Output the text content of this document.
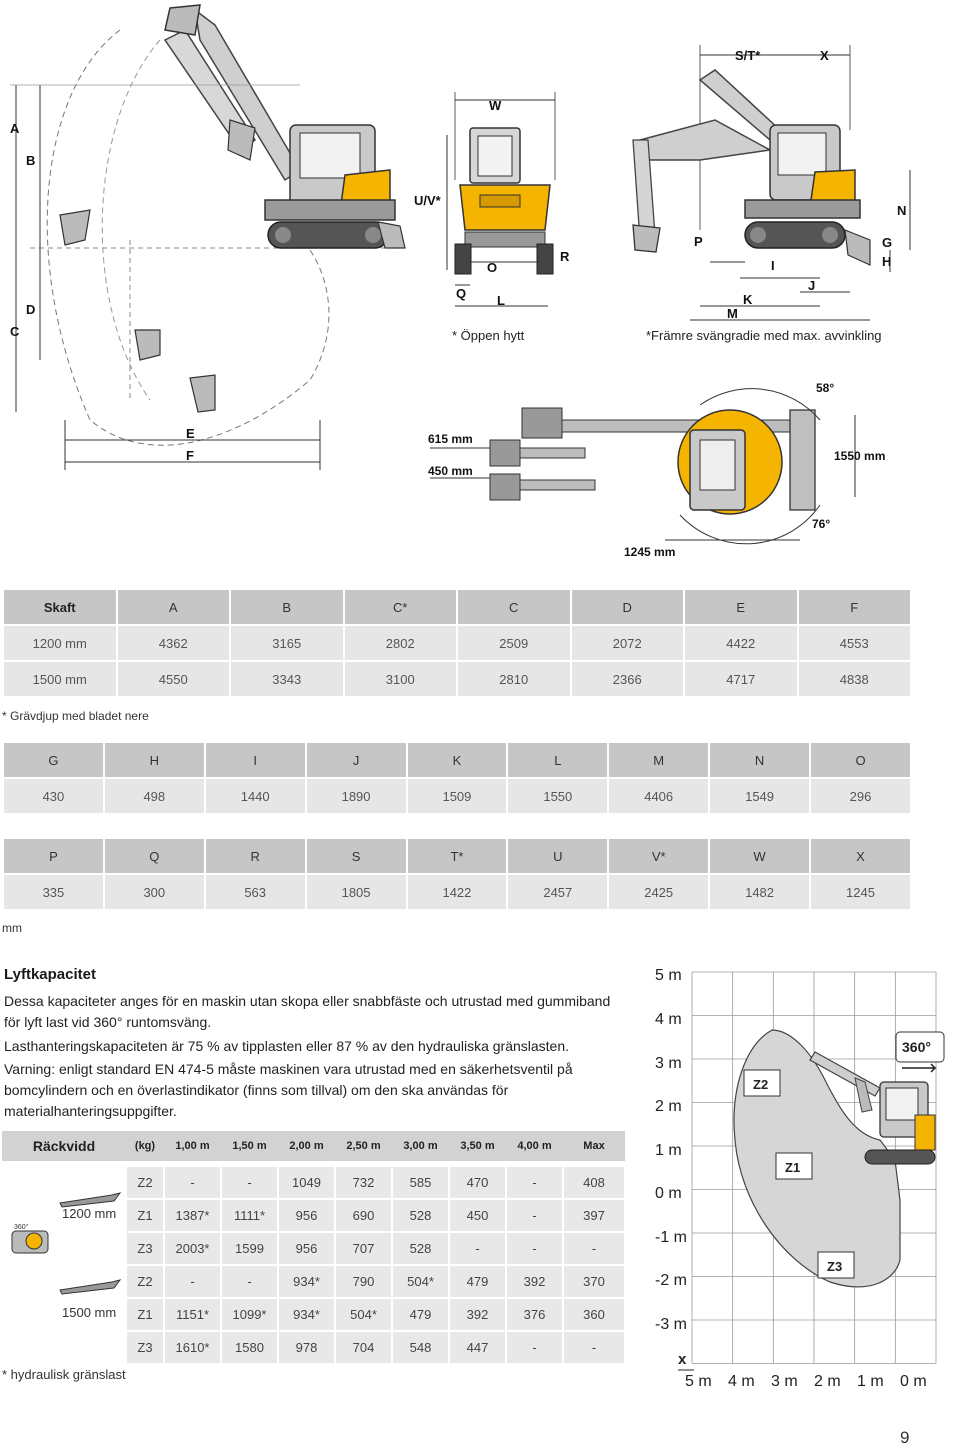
A
B
C
D
E
F
W
U/V*
O
R
Q L
* Öppen hytt
S/T*	X
N
G
H
P
I
J
K
M
*Främre svängradie med max. avvinkling
58°
615 mm
450 mm
1550 mm
1245 mm
76°
Skaft	A	B	C*	C	D	E	F
1200 mm	4362	3165	2802	2509	2072	4422	4553
1500 mm	4550	3343	3100	2810	2366	4717	4838
* Grävdjup med bladet nere
G	H	I	J	K	L	M	N	O
430	498	1440	1890	1509	1550	4406	1549	296
P	Q	R	S	T*	U	V*	W	X
335	300	563	1805	1422	2457	2425	1482	1245
mm
Lyftkapacitet
Dessa kapaciteter anges för en maskin utan skopa eller snabbfäste och utrustad med gummiband för lyft last vid 360° runtomsväng.
Lasthanteringskapaciteten är 75 % av tipplasten eller 87 % av den hydrauliska gränslasten.
Varning: enligt standard EN 474-5 måste maskinen vara utrustad med en säkerhetsventil på bomcylindern och en överlastindikator (finns som tillval) om den ska användas för materialhanteringsuppgifter.
Räckvidd	(kg)	1,00 m	1,50 m	2,00 m	2,50 m	3,00 m	3,50 m	4,00 m	Max

360°
1200 mm	Z2	-	-	1049	732	585	470	-	408
	Z1	1387*	1111*	956	690	528	450	-	397
	Z3	2003*	1599	956	707	528	-	-	-

1500 mm	Z2	-	-	934*	790	504*	479	392	370
	Z1	1151*	1099*	934*	504*	479	392	376	360
	Z3	1610*	1580	978	704	548	447	-	-
* hydraulisk gränslast
5 m
4 m
3 m
2 m
1 m
0 m
-1 m
-2 m
-3 m
5 m 4 m 3 m 2 m 1 m 0 m
x
Z2
Z1
Z3
360°
9
